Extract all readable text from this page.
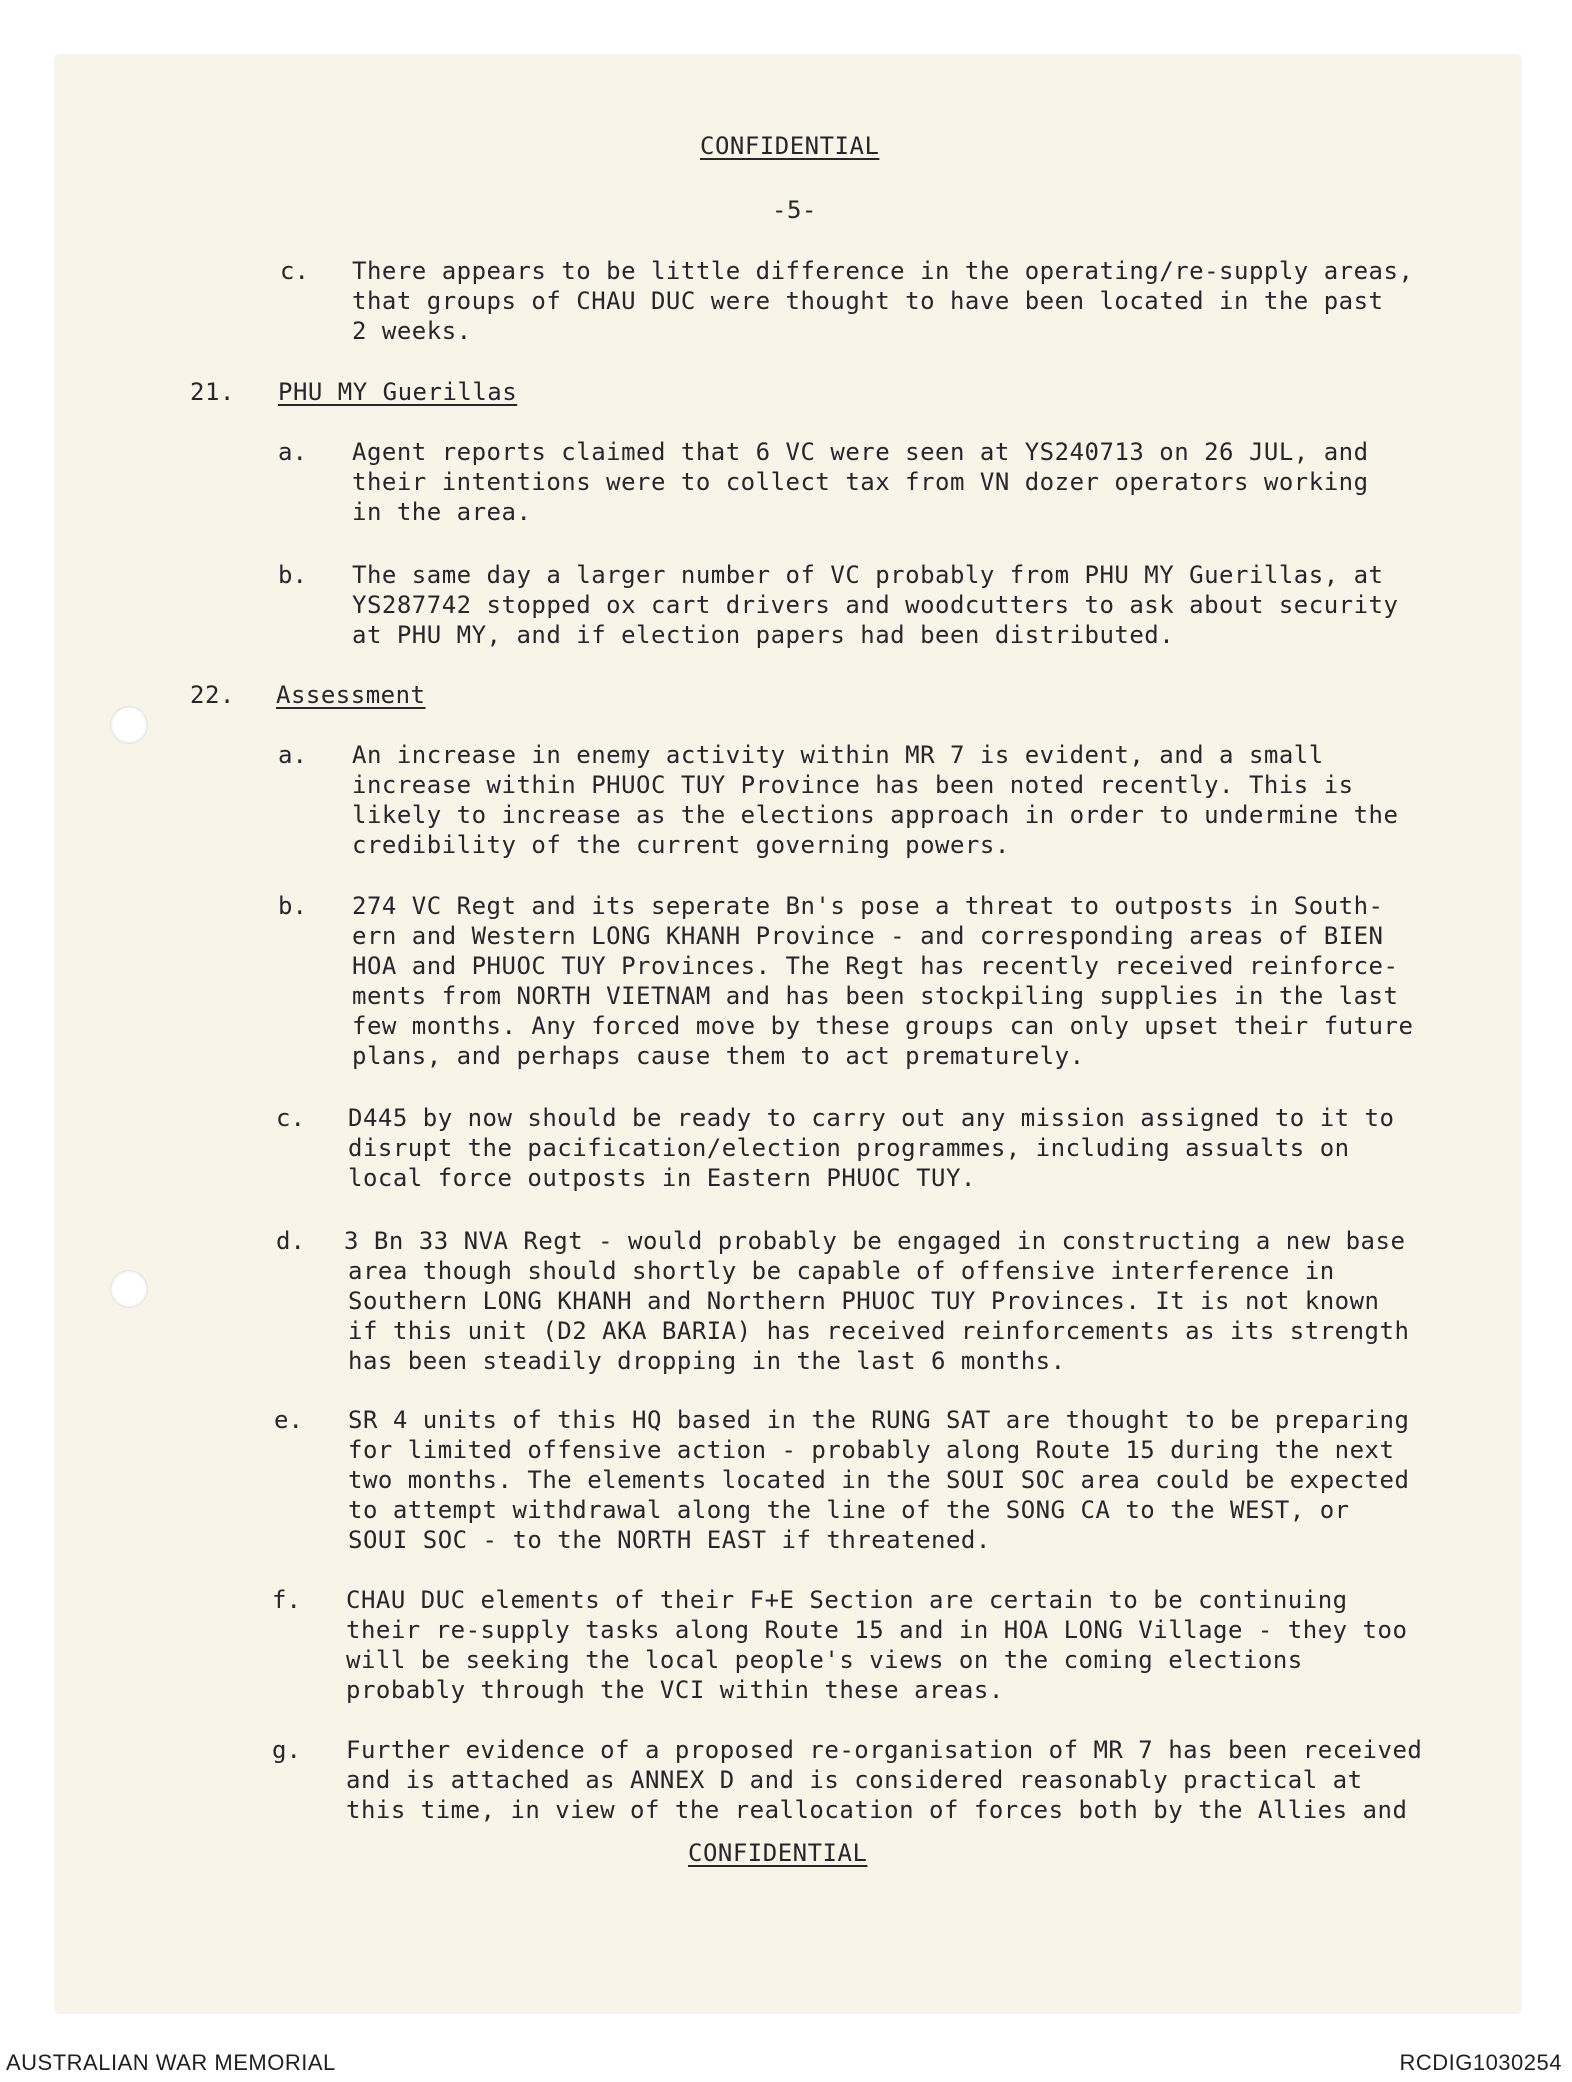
CONFIDENTIAL
-5-
c. There appears to be little difference in the operating/re-supply areas,
that groups of CHAU DUC were thought to have been located in the past
2 weeks.
21. PHU MY Guerillas
a. Agent reports claimed that 6 VC were seen at YS240713 on 26 JUL, and
their intentions were to collect tax from VN dozer operators working
in the area.
b. The same day a larger number of VC probably from PHU MY Guerillas, at
YS287742 stopped ox cart drivers and woodcutters to ask about security
at PHU MY, and if election papers had been distributed.
22. Assessment
a. An increase in enemy activity within MR 7 is evident, and a small
increase within PHUOC TUY Province has been noted recently. This is
likely to increase as the elections approach in order to undermine the
credibility of the current governing powers.
b. 274 VC Regt and its seperate Bn's pose a threat to outposts in South-
ern and Western LONG KHANH Province - and corresponding areas of BIEN
HOA and PHUOC TUY Provinces. The Regt has recently received reinforce-
ments from NORTH VIETNAM and has been stockpiling supplies in the last
few months. Any forced move by these groups can only upset their future
plans, and perhaps cause them to act prematurely.
c. D445 by now should be ready to carry out any mission assigned to it to
disrupt the pacification/election programmes, including assualts on
local force outposts in Eastern PHUOC TUY.
d. 3 Bn 33 NVA Regt - would probably be engaged in constructing a new base
area though should shortly be capable of offensive interference in
Southern LONG KHANH and Northern PHUOC TUY Provinces. It is not known
if this unit (D2 AKA BARIA) has received reinforcements as its strength
has been steadily dropping in the last 6 months.
e. SR 4 units of this HQ based in the RUNG SAT are thought to be preparing
for limited offensive action - probably along Route 15 during the next
two months. The elements located in the SOUI SOC area could be expected
to attempt withdrawal along the line of the SONG CA to the WEST, or
SOUI SOC - to the NORTH EAST if threatened.
f. CHAU DUC elements of their F+E Section are certain to be continuing
their re-supply tasks along Route 15 and in HOA LONG Village - they too
will be seeking the local people's views on the coming elections
probably through the VCI within these areas.
g. Further evidence of a proposed re-organisation of MR 7 has been received
and is attached as ANNEX D and is considered reasonably practical at
this time, in view of the reallocation of forces both by the Allies and
CONFIDENTIAL
AUSTRALIAN WAR MEMORIAL	RCDIG1030254
